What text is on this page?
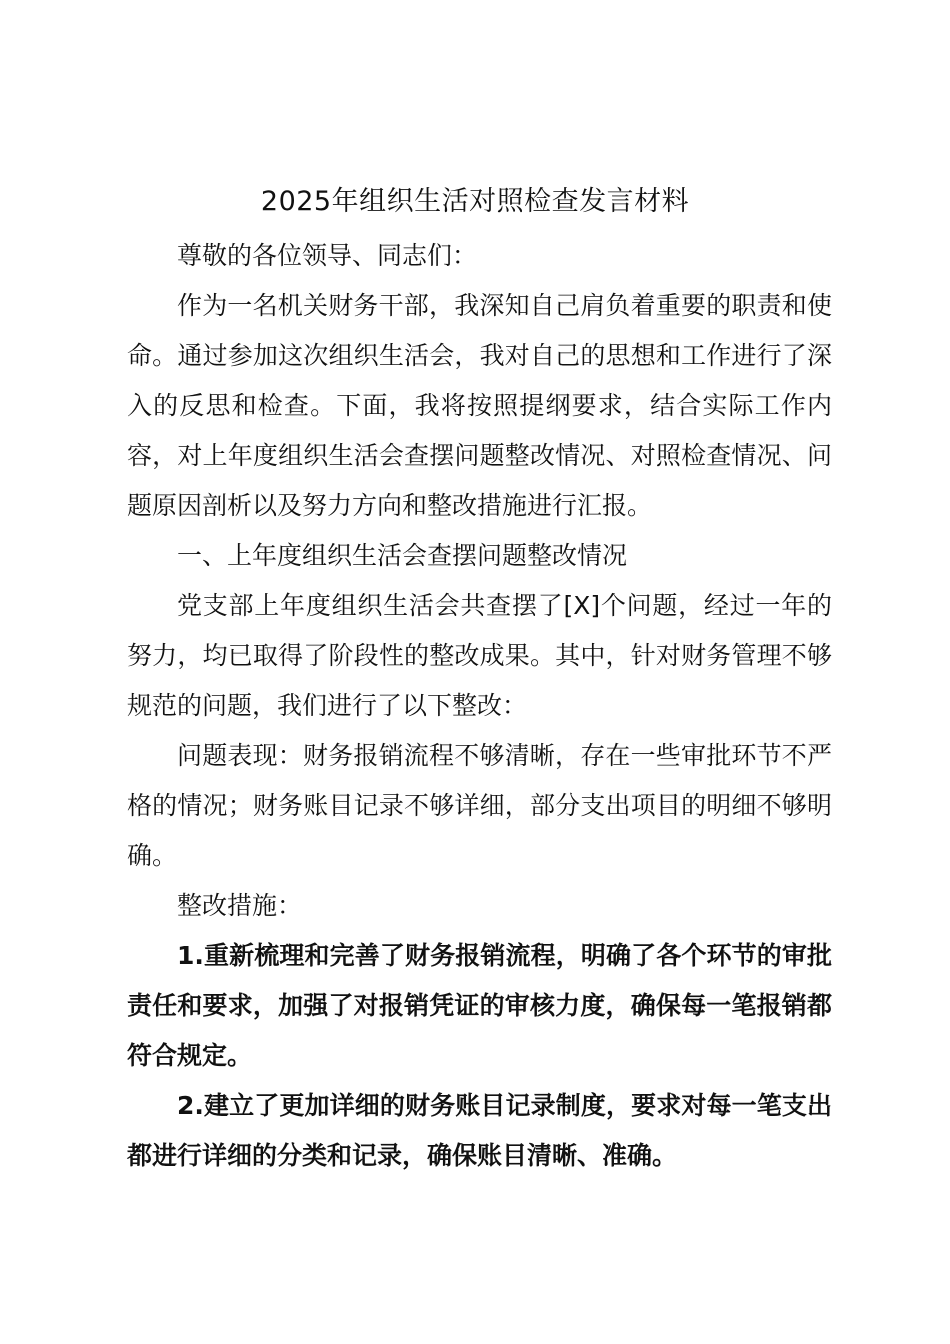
2025年组织生活对照检查发言材料

尊敬的各位领导、同志们：

作为一名机关财务干部，我深知自己肩负着重要的职责和使命。通过参加这次组织生活会，我对自己的思想和工作进行了深入的反思和检查。下面，我将按照提纲要求，结合实际工作内容，对上年度组织生活会查摆问题整改情况、对照检查情况、问题原因剖析以及努力方向和整改措施进行汇报。

一、上年度组织生活会查摆问题整改情况

党支部上年度组织生活会共查摆了[X]个问题，经过一年的努力，均已取得了阶段性的整改成果。其中，针对财务管理不够规范的问题，我们进行了以下整改：

问题表现：财务报销流程不够清晰，存在一些审批环节不严格的情况；财务账目记录不够详细，部分支出项目的明细不够明确。

整改措施：

1.重新梳理和完善了财务报销流程，明确了各个环节的审批责任和要求，加强了对报销凭证的审核力度，确保每一笔报销都符合规定。

2.建立了更加详细的财务账目记录制度，要求对每一笔支出都进行详细的分类和记录，确保账目清晰、准确。
